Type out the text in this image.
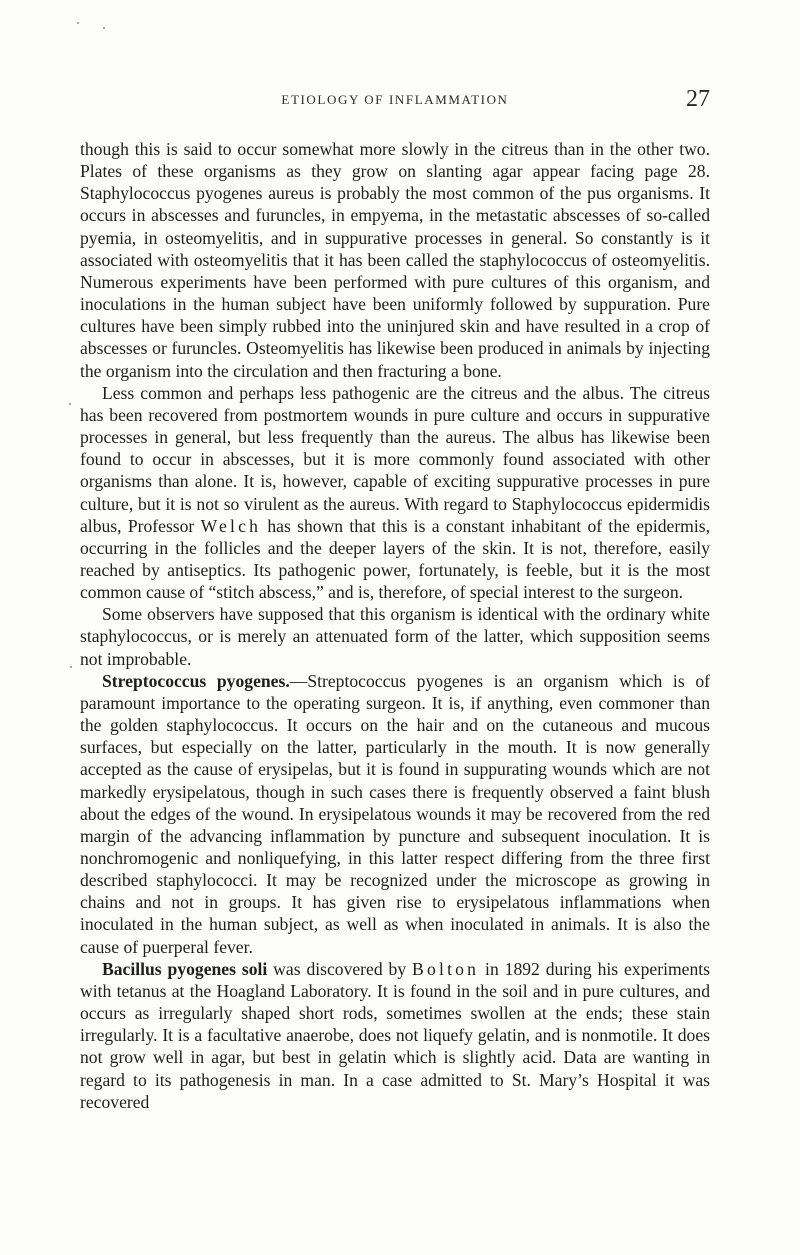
ETIOLOGY OF INFLAMMATION	27

though this is said to occur somewhat more slowly in the citreus than in the other two. Plates of these organisms as they grow on slanting agar appear facing page 28. Staphylococcus pyogenes aureus is probably the most common of the pus organisms. It occurs in abscesses and furuncles, in empyema, in the metastatic abscesses of so-called pyemia, in osteomyelitis, and in suppurative processes in general. So constantly is it associated with osteomyelitis that it has been called the staphylococcus of osteomyelitis. Numerous experiments have been performed with pure cultures of this organism, and inoculations in the human subject have been uniformly followed by suppuration. Pure cultures have been simply rubbed into the uninjured skin and have resulted in a crop of abscesses or furuncles. Osteomyelitis has likewise been produced in animals by injecting the organism into the circulation and then fracturing a bone.

Less common and perhaps less pathogenic are the citreus and the albus. The citreus has been recovered from postmortem wounds in pure culture and occurs in suppurative processes in general, but less frequently than the aureus. The albus has likewise been found to occur in abscesses, but it is more commonly found associated with other organisms than alone. It is, however, capable of exciting suppurative processes in pure culture, but it is not so virulent as the aureus. With regard to Staphylococcus epidermidis albus, Professor Welch has shown that this is a constant inhabitant of the epidermis, occurring in the follicles and the deeper layers of the skin. It is not, therefore, easily reached by antiseptics. Its pathogenic power, fortunately, is feeble, but it is the most common cause of “stitch abscess,” and is, therefore, of special interest to the surgeon.

Some observers have supposed that this organism is identical with the ordinary white staphylococcus, or is merely an attenuated form of the latter, which supposition seems not improbable.

Streptococcus pyogenes.—Streptococcus pyogenes is an organism which is of paramount importance to the operating surgeon. It is, if anything, even commoner than the golden staphylococcus. It occurs on the hair and on the cutaneous and mucous surfaces, but especially on the latter, particularly in the mouth. It is now generally accepted as the cause of erysipelas, but it is found in suppurating wounds which are not markedly erysipelatous, though in such cases there is frequently observed a faint blush about the edges of the wound. In erysipelatous wounds it may be recovered from the red margin of the advancing inflammation by puncture and subsequent inoculation. It is nonchromogenic and nonliquefying, in this latter respect differing from the three first described staphylococci. It may be recognized under the microscope as growing in chains and not in groups. It has given rise to erysipelatous inflammations when inoculated in the human subject, as well as when inoculated in animals. It is also the cause of puerperal fever.

Bacillus pyogenes soli was discovered by Bolton in 1892 during his experiments with tetanus at the Hoagland Laboratory. It is found in the soil and in pure cultures, and occurs as irregularly shaped short rods, sometimes swollen at the ends; these stain irregularly. It is a facultative anaerobe, does not liquefy gelatin, and is nonmotile. It does not grow well in agar, but best in gelatin which is slightly acid. Data are wanting in regard to its pathogenesis in man. In a case admitted to St. Mary’s Hospital it was recovered
